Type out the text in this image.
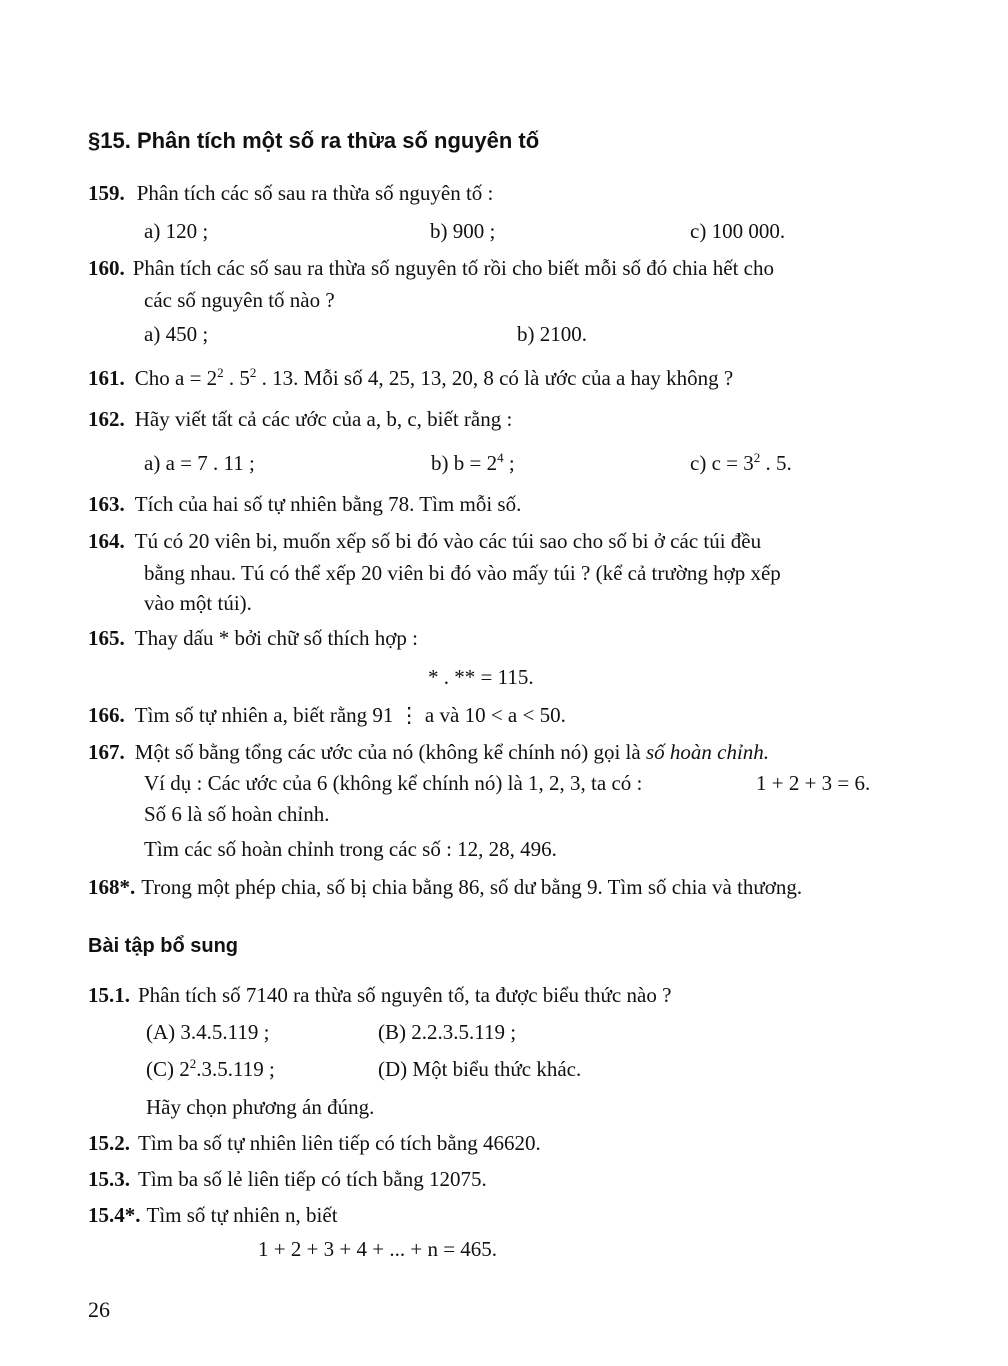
§15. Phân tích một số ra thừa số nguyên tố
159. Phân tích các số sau ra thừa số nguyên tố :
a) 120 ;	b) 900 ;	c) 100 000.
160. Phân tích các số sau ra thừa số nguyên tố rồi cho biết mỗi số đó chia hết cho
các số nguyên tố nào ?
a) 450 ;	b) 2100.
161. Cho $a = 2^2$ . $5^2$ . 13. Mỗi số 4, 25, 13, 20, 8 có là ước của a hay không ?
162. Hãy viết tất cả các ước của a, b, c, biết rằng :
a) a = 7 . 11 ;	b) $b = 2^4$ ;	c) $c = 3^2$ . 5.
163. Tích của hai số tự nhiên bằng 78. Tìm mỗi số.
164. Tú có 20 viên bi, muốn xếp số bi đó vào các túi sao cho số bi ở các túi đều
bằng nhau. Tú có thể xếp 20 viên bi đó vào mấy túi ? (kể cả trường hợp xếp
vào một túi).
165. Thay dấu * bởi chữ số thích hợp :
* . ** = 115.
166. Tìm số tự nhiên a, biết rằng 91 ⋮ a và 10 < a < 50.
167. Một số bằng tổng các ước của nó (không kể chính nó) gọi là số hoàn chỉnh.
Ví dụ : Các ước của 6 (không kể chính nó) là 1, 2, 3, ta có :	1 + 2 + 3 = 6.
Số 6 là số hoàn chỉnh.
Tìm các số hoàn chỉnh trong các số : 12, 28, 496.
168*. Trong một phép chia, số bị chia bằng 86, số dư bằng 9. Tìm số chia và thương.
Bài tập bổ sung
15.1. Phân tích số 7140 ra thừa số nguyên tố, ta được biểu thức nào ?
(A) 3.4.5.119 ;	(B) 2.2.3.5.119 ;
(C) $2^2.3.5.119$ ;	(D) Một biểu thức khác.
Hãy chọn phương án đúng.
15.2. Tìm ba số tự nhiên liên tiếp có tích bằng 46620.
15.3. Tìm ba số lẻ liên tiếp có tích bằng 12075.
15.4*. Tìm số tự nhiên n, biết
1 + 2 + 3 + 4 + ... + n = 465.
26
